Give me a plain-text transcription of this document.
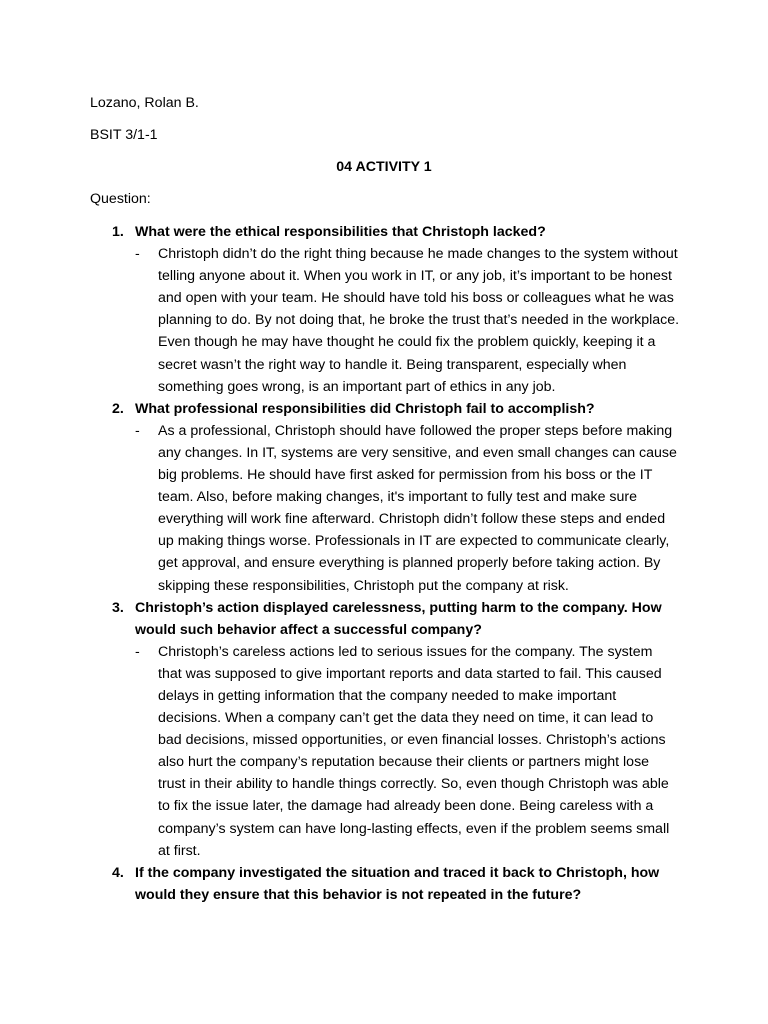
Lozano, Rolan B.
BSIT 3/1-1
04 ACTIVITY 1
Question:
1. What were the ethical responsibilities that Christoph lacked?
- Christoph didn’t do the right thing because he made changes to the system without telling anyone about it. When you work in IT, or any job, it’s important to be honest and open with your team. He should have told his boss or colleagues what he was planning to do. By not doing that, he broke the trust that’s needed in the workplace. Even though he may have thought he could fix the problem quickly, keeping it a secret wasn’t the right way to handle it. Being transparent, especially when something goes wrong, is an important part of ethics in any job.
2. What professional responsibilities did Christoph fail to accomplish?
- As a professional, Christoph should have followed the proper steps before making any changes. In IT, systems are very sensitive, and even small changes can cause big problems. He should have first asked for permission from his boss or the IT team. Also, before making changes, it's important to fully test and make sure everything will work fine afterward. Christoph didn’t follow these steps and ended up making things worse. Professionals in IT are expected to communicate clearly, get approval, and ensure everything is planned properly before taking action. By skipping these responsibilities, Christoph put the company at risk.
3. Christoph’s action displayed carelessness, putting harm to the company. How would such behavior affect a successful company?
- Christoph’s careless actions led to serious issues for the company. The system that was supposed to give important reports and data started to fail. This caused delays in getting information that the company needed to make important decisions. When a company can’t get the data they need on time, it can lead to bad decisions, missed opportunities, or even financial losses. Christoph’s actions also hurt the company’s reputation because their clients or partners might lose trust in their ability to handle things correctly. So, even though Christoph was able to fix the issue later, the damage had already been done. Being careless with a company’s system can have long-lasting effects, even if the problem seems small at first.
4. If the company investigated the situation and traced it back to Christoph, how would they ensure that this behavior is not repeated in the future?
